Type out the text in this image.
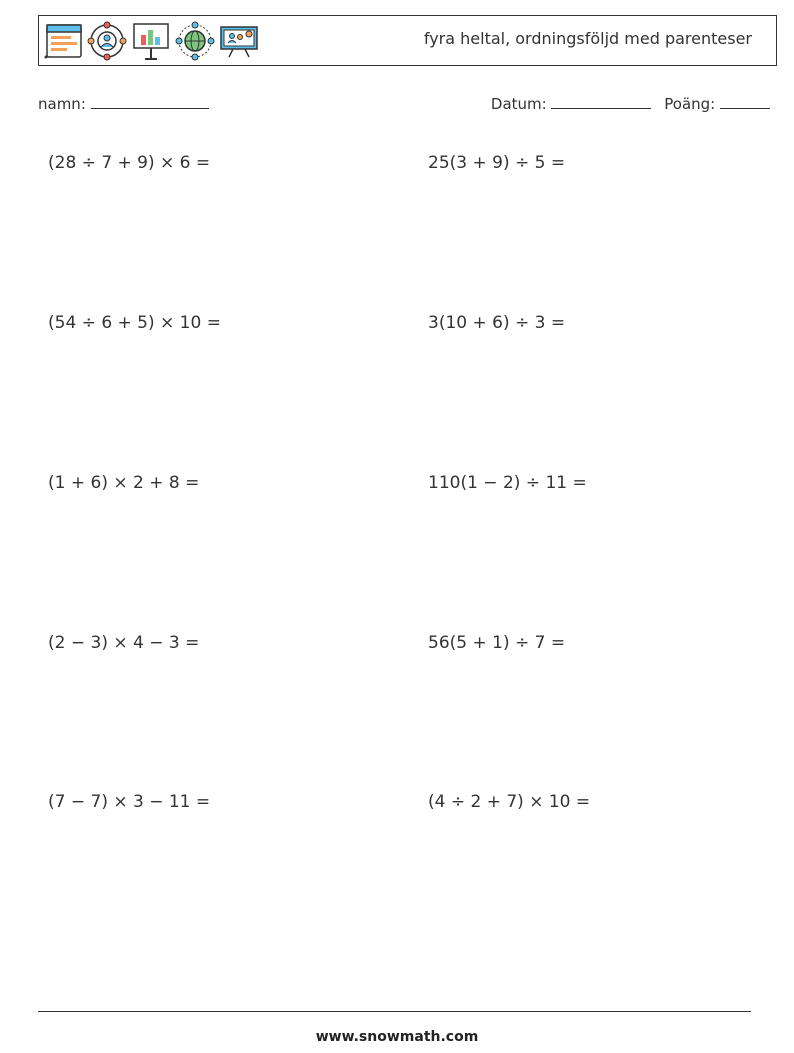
fyra heltal, ordningsföljd med parenteser
namn:	Datum:	Poäng:
(28 ÷ 7 + 9) × 6 =	25(3 + 9) ÷ 5 =
(54 ÷ 6 + 5) × 10 =	3(10 + 6) ÷ 3 =
(1 + 6) × 2 + 8 =	110(1 − 2) ÷ 11 =
(2 − 3) × 4 − 3 =	56(5 + 1) ÷ 7 =
(7 − 7) × 3 − 11 =	(4 ÷ 2 + 7) × 10 =
www.snowmath.com
